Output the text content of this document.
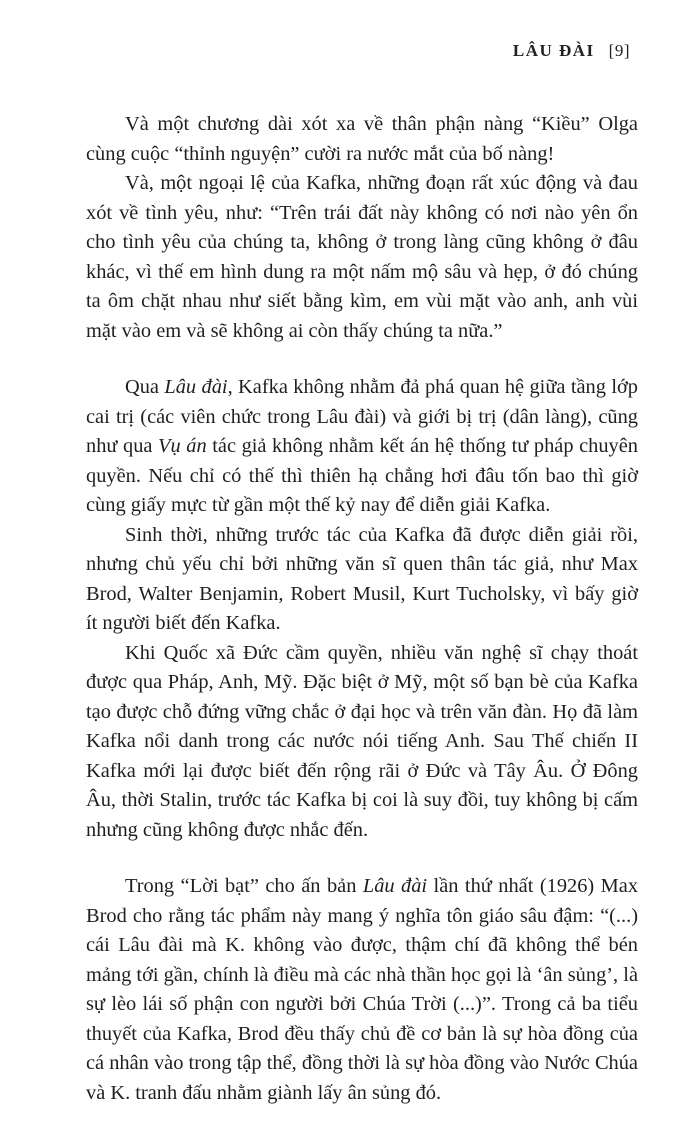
LÂU ĐÀI [9]

Và một chương dài xót xa về thân phận nàng “Kiều” Olga cùng cuộc “thỉnh nguyện” cười ra nước mắt của bố nàng!

Và, một ngoại lệ của Kafka, những đoạn rất xúc động và đau xót về tình yêu, như: “Trên trái đất này không có nơi nào yên ổn cho tình yêu của chúng ta, không ở trong làng cũng không ở đâu khác, vì thế em hình dung ra một nấm mộ sâu và hẹp, ở đó chúng ta ôm chặt nhau như siết bằng kìm, em vùi mặt vào anh, anh vùi mặt vào em và sẽ không ai còn thấy chúng ta nữa.”

Qua Lâu đài, Kafka không nhằm đả phá quan hệ giữa tầng lớp cai trị (các viên chức trong Lâu đài) và giới bị trị (dân làng), cũng như qua Vụ án tác giả không nhằm kết án hệ thống tư pháp chuyên quyền. Nếu chỉ có thế thì thiên hạ chẳng hơi đâu tốn bao thì giờ cùng giấy mực từ gần một thế kỷ nay để diễn giải Kafka.

Sinh thời, những trước tác của Kafka đã được diễn giải rồi, nhưng chủ yếu chỉ bởi những văn sĩ quen thân tác giả, như Max Brod, Walter Benjamin, Robert Musil, Kurt Tucholsky, vì bấy giờ ít người biết đến Kafka.

Khi Quốc xã Đức cầm quyền, nhiều văn nghệ sĩ chạy thoát được qua Pháp, Anh, Mỹ. Đặc biệt ở Mỹ, một số bạn bè của Kafka tạo được chỗ đứng vững chắc ở đại học và trên văn đàn. Họ đã làm Kafka nổi danh trong các nước nói tiếng Anh. Sau Thế chiến II Kafka mới lại được biết đến rộng rãi ở Đức và Tây Âu. Ở Đông Âu, thời Stalin, trước tác Kafka bị coi là suy đồi, tuy không bị cấm nhưng cũng không được nhắc đến.

Trong “Lời bạt” cho ấn bản Lâu đài lần thứ nhất (1926) Max Brod cho rằng tác phẩm này mang ý nghĩa tôn giáo sâu đậm: “(...) cái Lâu đài mà K. không vào được, thậm chí đã không thể bén mảng tới gần, chính là điều mà các nhà thần học gọi là ‘ân sủng’, là sự lèo lái số phận con người bởi Chúa Trời (...)”. Trong cả ba tiểu thuyết của Kafka, Brod đều thấy chủ đề cơ bản là sự hòa đồng của cá nhân vào trong tập thể, đồng thời là sự hòa đồng vào Nước Chúa và K. tranh đấu nhằm giành lấy ân sủng đó.
